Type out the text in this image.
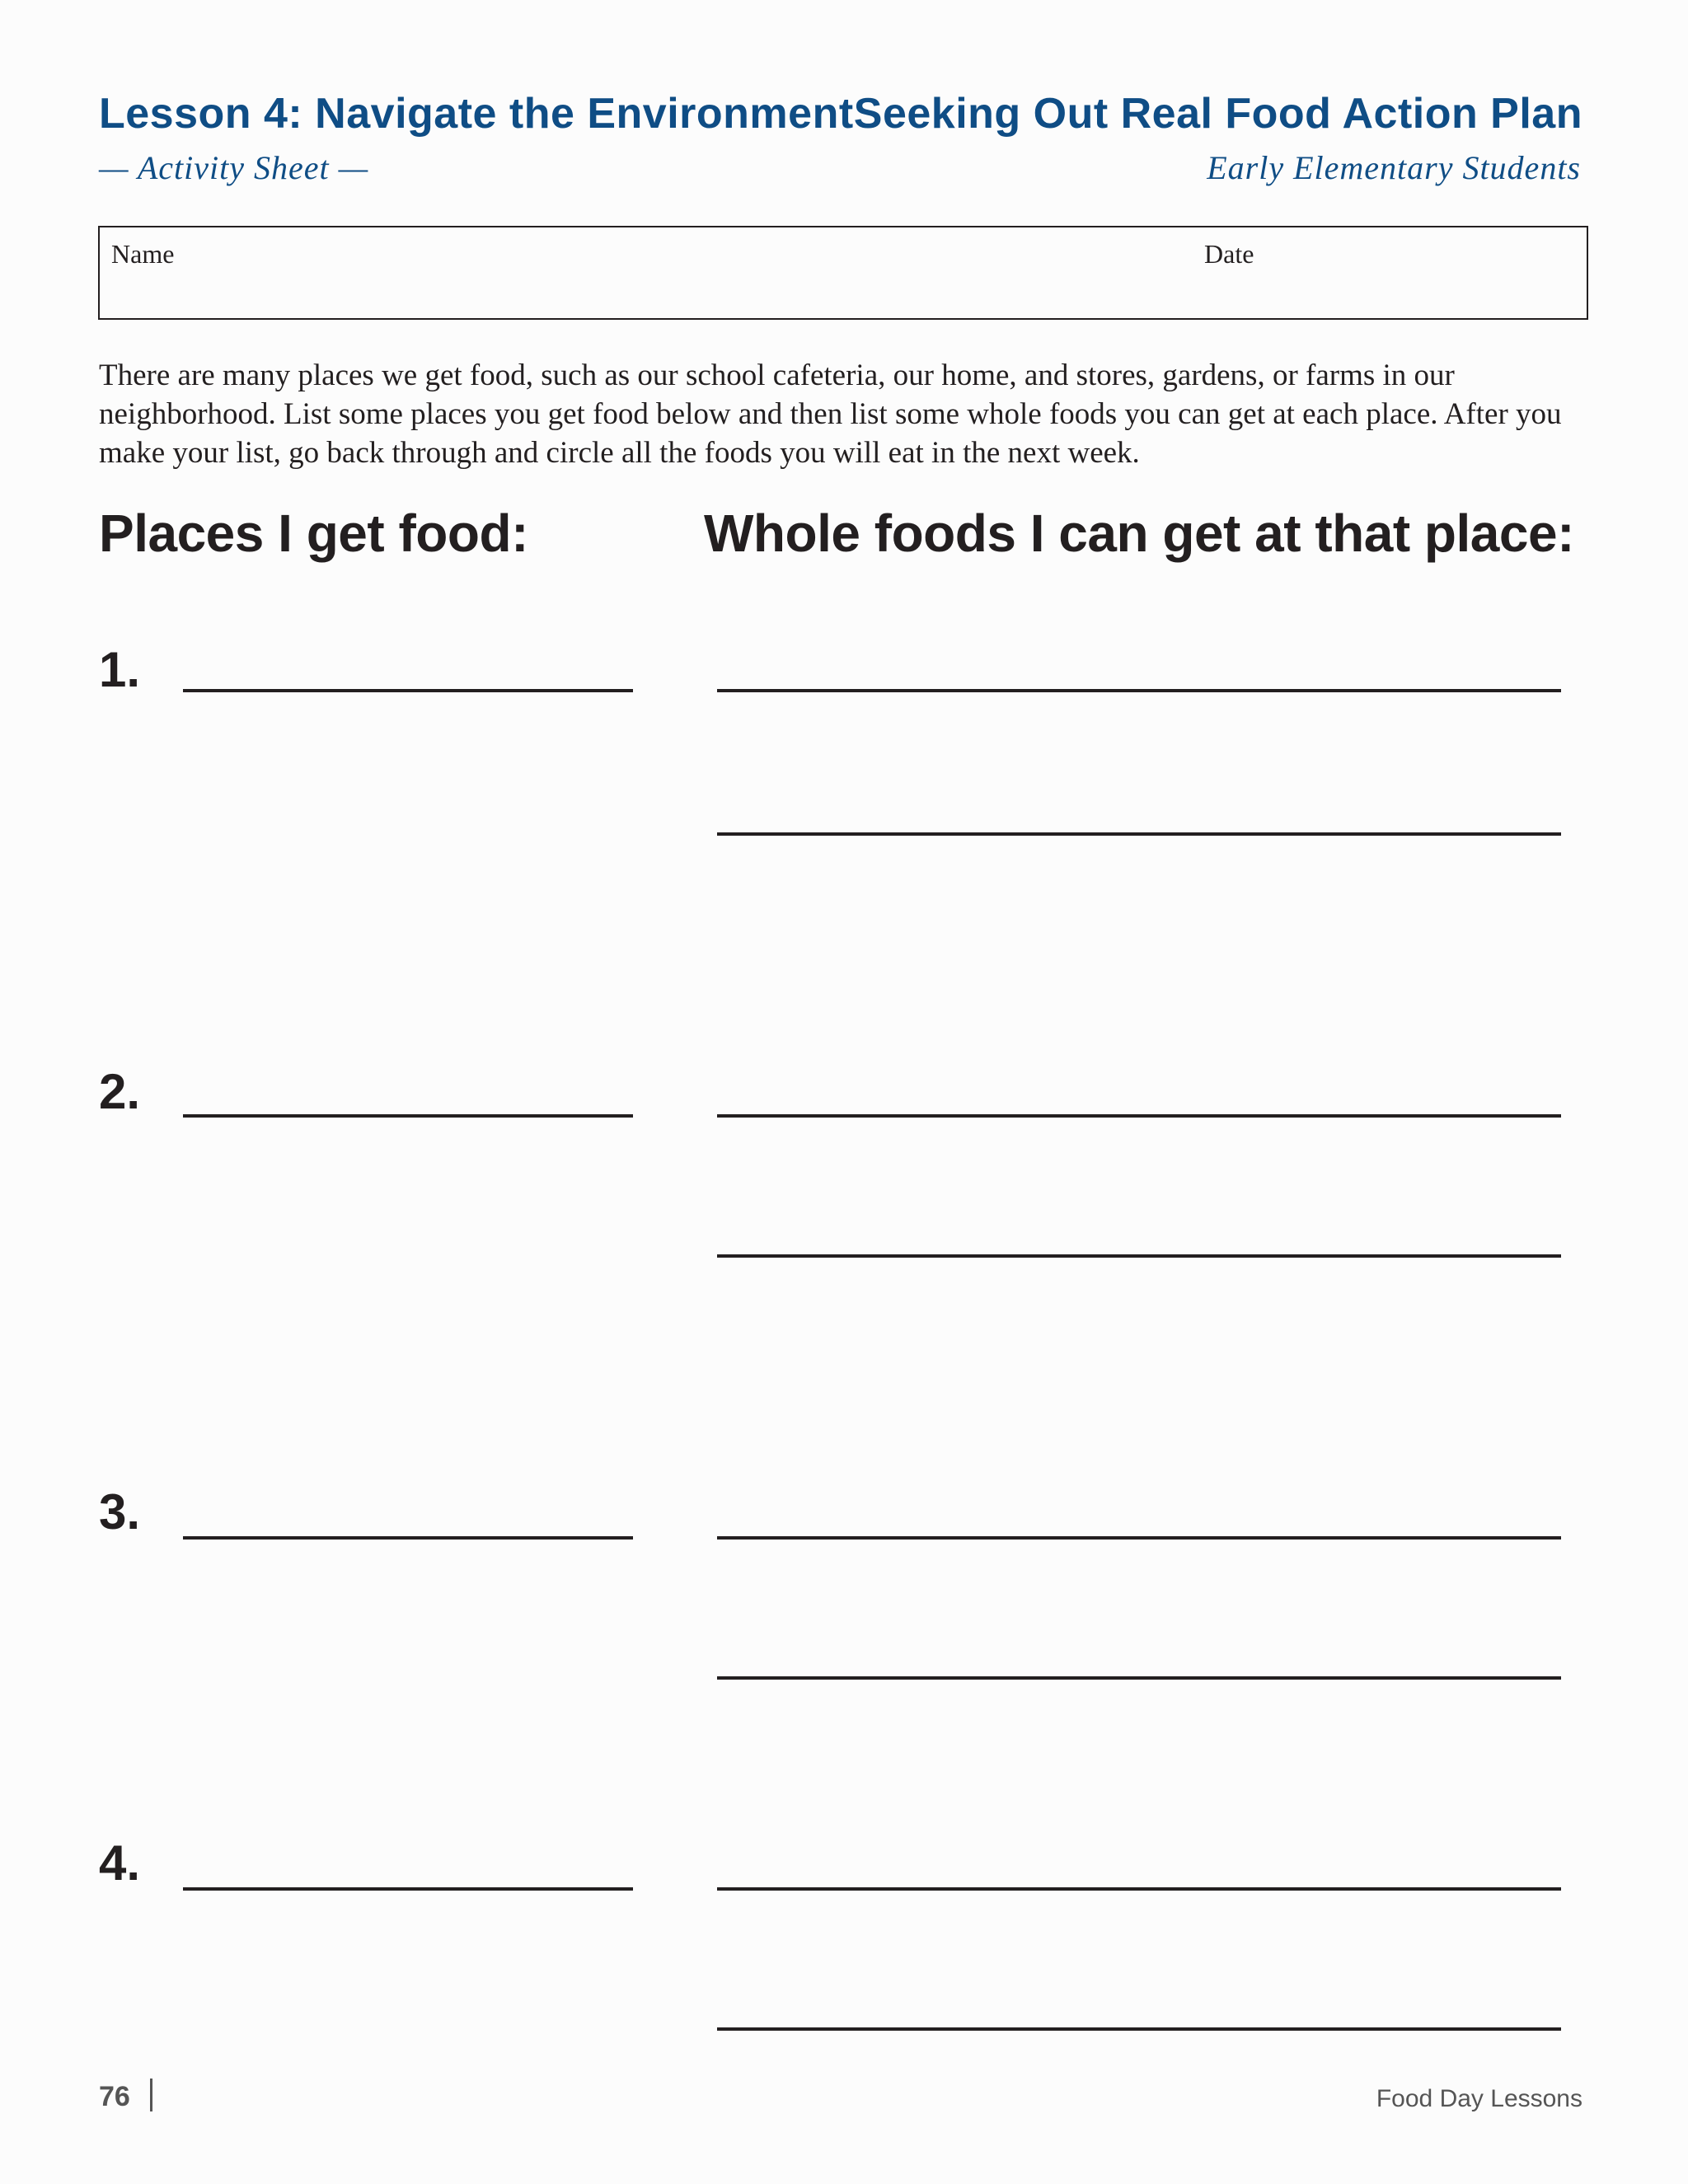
Lesson 4: Navigate the Environment Seeking Out Real Food Action Plan
— Activity Sheet —	Early Elementary Students
Name	Date
There are many places we get food, such as our school cafeteria, our home, and stores, gardens, or farms in our neighborhood. List some places you get food below and then list some whole foods you can get at each place. After you make your list, go back through and circle all the foods you will eat in the next week.
Places I get food:	Whole foods I can get at that place:
1.
2.
3.
4.
76	Food Day Lessons
